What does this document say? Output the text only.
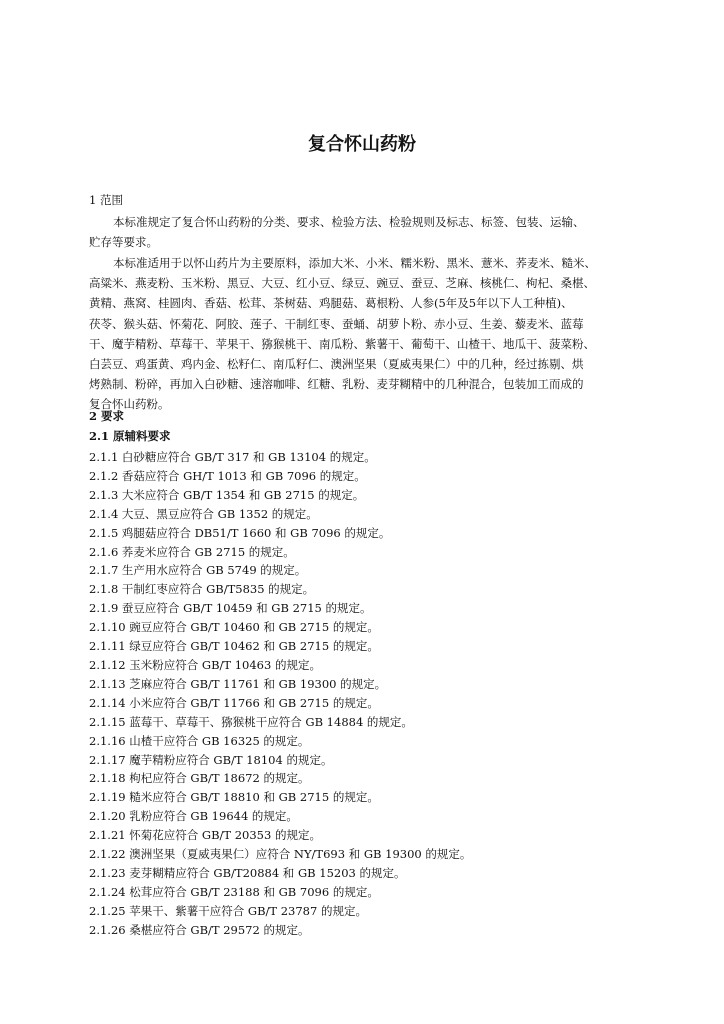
复合怀山药粉
1 范围
本标准规定了复合怀山药粉的分类、要求、检验方法、检验规则及标志、标签、包装、运输、
贮存等要求。
本标准适用于以怀山药片为主要原料，添加大米、小米、糯米粉、黑米、薏米、荞麦米、糙米、
高粱米、燕麦粉、玉米粉、黑豆、大豆、红小豆、绿豆、豌豆、蚕豆、芝麻、核桃仁、枸杞、桑椹、
黄精、燕窝、桂圆肉、香菇、松茸、茶树菇、鸡腿菇、葛根粉、人参(5年及5年以下人工种植)、
茯苓、猴头菇、怀菊花、阿胶、莲子、干制红枣、蚕蛹、胡萝卜粉、赤小豆、生姜、藜麦米、蓝莓
干、魔芋精粉、草莓干、苹果干、猕猴桃干、南瓜粉、紫薯干、葡萄干、山楂干、地瓜干、菠菜粉、
白芸豆、鸡蛋黄、鸡内金、松籽仁、南瓜籽仁、澳洲坚果（夏威夷果仁）中的几种，经过拣剔、烘
烤熟制、粉碎，再加入白砂糖、速溶咖啡、红糖、乳粉、麦芽糊精中的几种混合，包装加工而成的
复合怀山药粉。
2 要求
2.1 原辅料要求
2.1.1 白砂糖应符合 GB/T 317 和 GB 13104 的规定。
2.1.2 香菇应符合 GH/T 1013 和 GB 7096 的规定。
2.1.3 大米应符合 GB/T 1354 和 GB 2715 的规定。
2.1.4 大豆、黑豆应符合 GB 1352 的规定。
2.1.5 鸡腿菇应符合 DB51/T 1660 和 GB 7096 的规定。
2.1.6 荞麦米应符合 GB 2715 的规定。
2.1.7 生产用水应符合 GB 5749 的规定。
2.1.8 干制红枣应符合 GB/T5835 的规定。
2.1.9 蚕豆应符合 GB/T 10459 和 GB 2715 的规定。
2.1.10 豌豆应符合 GB/T 10460 和 GB 2715 的规定。
2.1.11 绿豆应符合 GB/T 10462 和 GB 2715 的规定。
2.1.12 玉米粉应符合 GB/T 10463 的规定。
2.1.13 芝麻应符合 GB/T 11761 和 GB 19300 的规定。
2.1.14 小米应符合 GB/T 11766 和 GB 2715 的规定。
2.1.15 蓝莓干、草莓干、猕猴桃干应符合 GB 14884 的规定。
2.1.16 山楂干应符合 GB 16325 的规定。
2.1.17 魔芋精粉应符合 GB/T 18104 的规定。
2.1.18 枸杞应符合 GB/T 18672 的规定。
2.1.19 糙米应符合 GB/T 18810 和 GB 2715 的规定。
2.1.20 乳粉应符合 GB 19644 的规定。
2.1.21 怀菊花应符合 GB/T 20353 的规定。
2.1.22 澳洲坚果（夏威夷果仁）应符合 NY/T693 和 GB 19300 的规定。
2.1.23 麦芽糊精应符合 GB/T20884 和 GB 15203 的规定。
2.1.24 松茸应符合 GB/T 23188 和 GB 7096 的规定。
2.1.25 苹果干、紫薯干应符合 GB/T 23787 的规定。
2.1.26 桑椹应符合 GB/T 29572 的规定。
